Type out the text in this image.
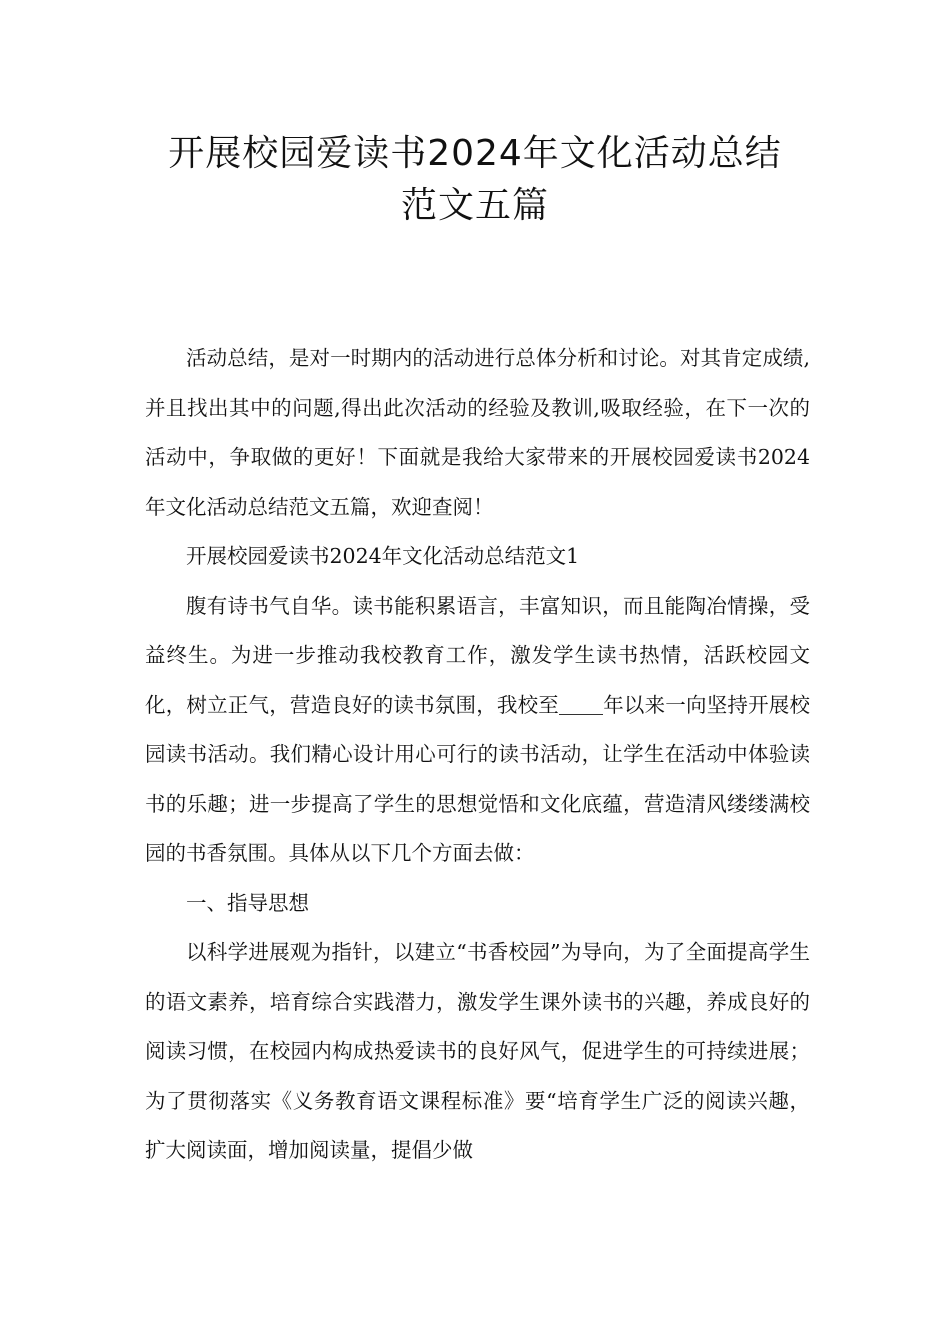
开展校园爱读书2024年文化活动总结
范文五篇

活动总结，是对一时期内的活动进行总体分析和讨论。对其肯定成绩,并且找出其中的问题,得出此次活动的经验及教训,吸取经验，在下一次的活动中，争取做的更好！下面就是我给大家带来的开展校园爱读书2024年文化活动总结范文五篇，欢迎查阅！

开展校园爱读书2024年文化活动总结范文1

腹有诗书气自华。读书能积累语言，丰富知识，而且能陶冶情操，受益终生。为进一步推动我校教育工作，激发学生读书热情，活跃校园文化，树立正气，营造良好的读书氛围，我校至 年以来一向坚持开展校园读书活动。我们精心设计用心可行的读书活动，让学生在活动中体验读书的乐趣；进一步提高了学生的思想觉悟和文化底蕴，营造清风缕缕满校园的书香氛围。具体从以下几个方面去做：

一、指导思想

以科学进展观为指针，以建立“书香校园”为导向，为了全面提高学生的语文素养，培育综合实践潜力，激发学生课外读书的兴趣，养成良好的阅读习惯，在校园内构成热爱读书的良好风气，促进学生的可持续进展；为了贯彻落实《义务教育语文课程标准》要“培育学生广泛的阅读兴趣，扩大阅读面，增加阅读量，提倡少做
